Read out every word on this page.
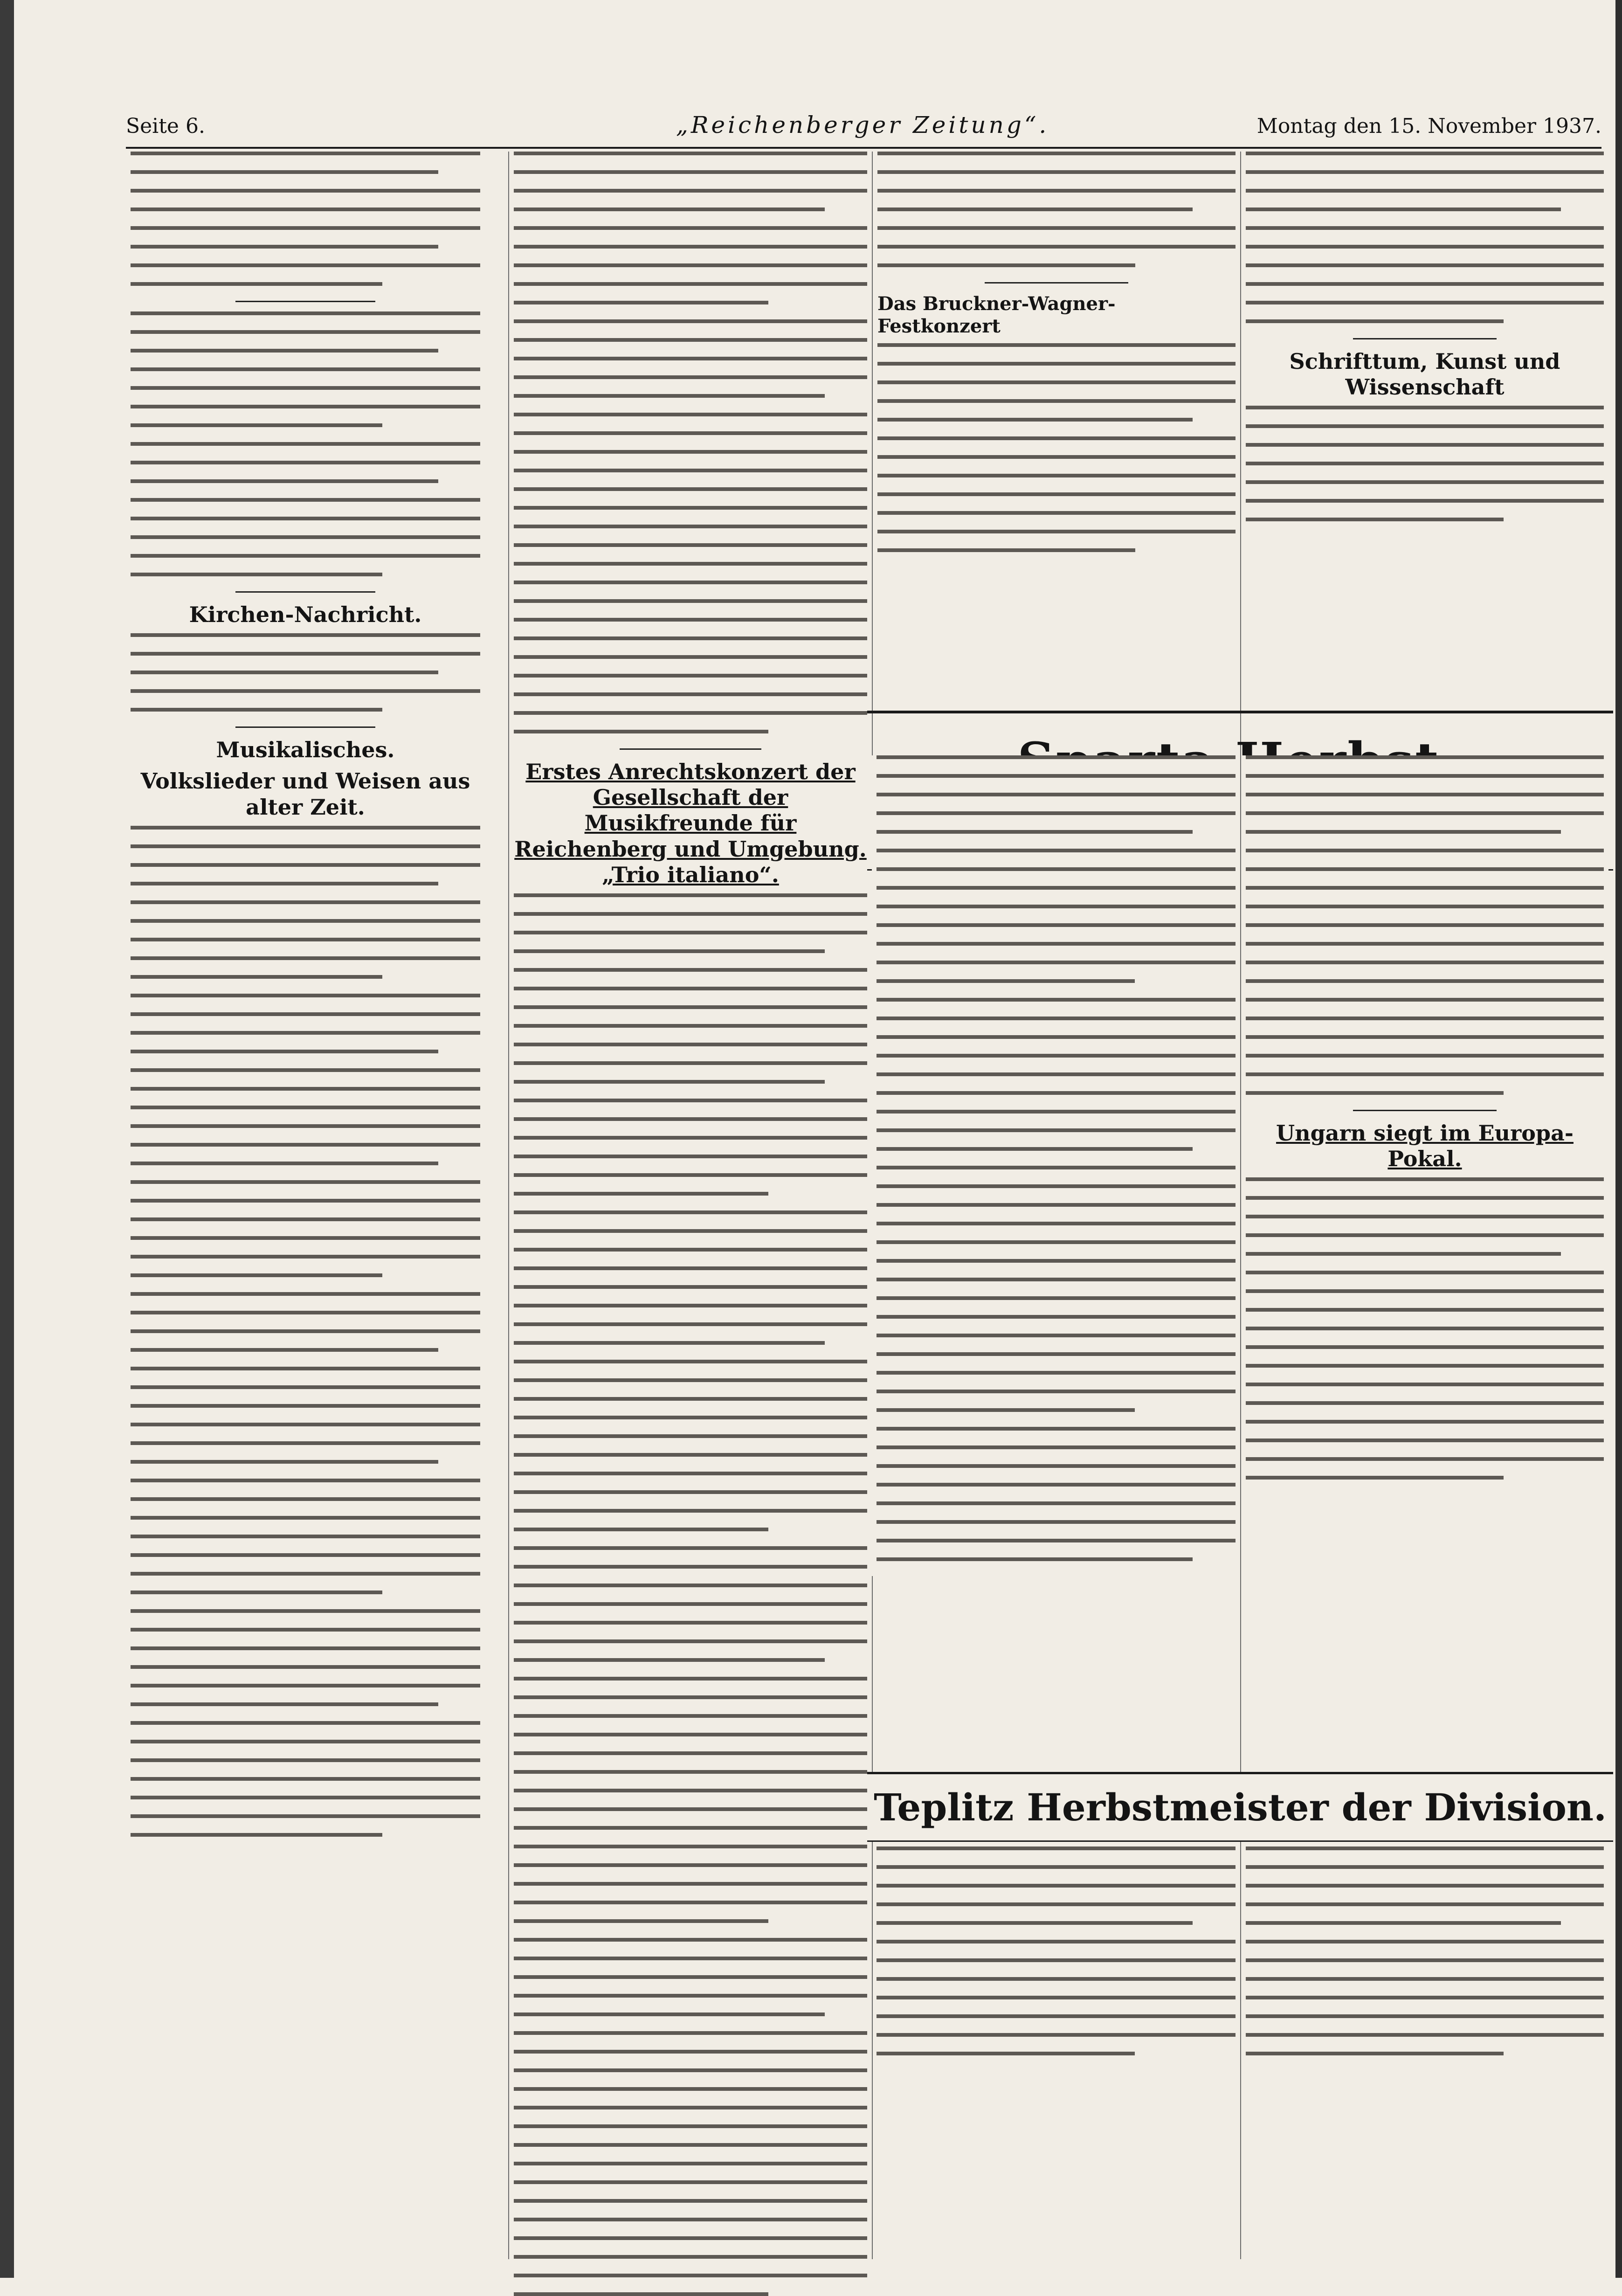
Seite 6.	„Reichenberger Zeitung“.	Montag den 15. November 1937.
Kirchen-Nachricht.
Musikalisches.
Volkslieder und Weisen aus alter Zeit.
Erstes Anrechtskonzert der Gesellschaft der Musikfreunde für Reichenberg und Umgebung. „Trio italiano“.
Das Bruckner-Wagner-Festkonzert
Schrifttum, Kunst und Wissenschaft
Ungarn siegt im Europa-Pokal.
Teplitz Herbstmeister der Division.
